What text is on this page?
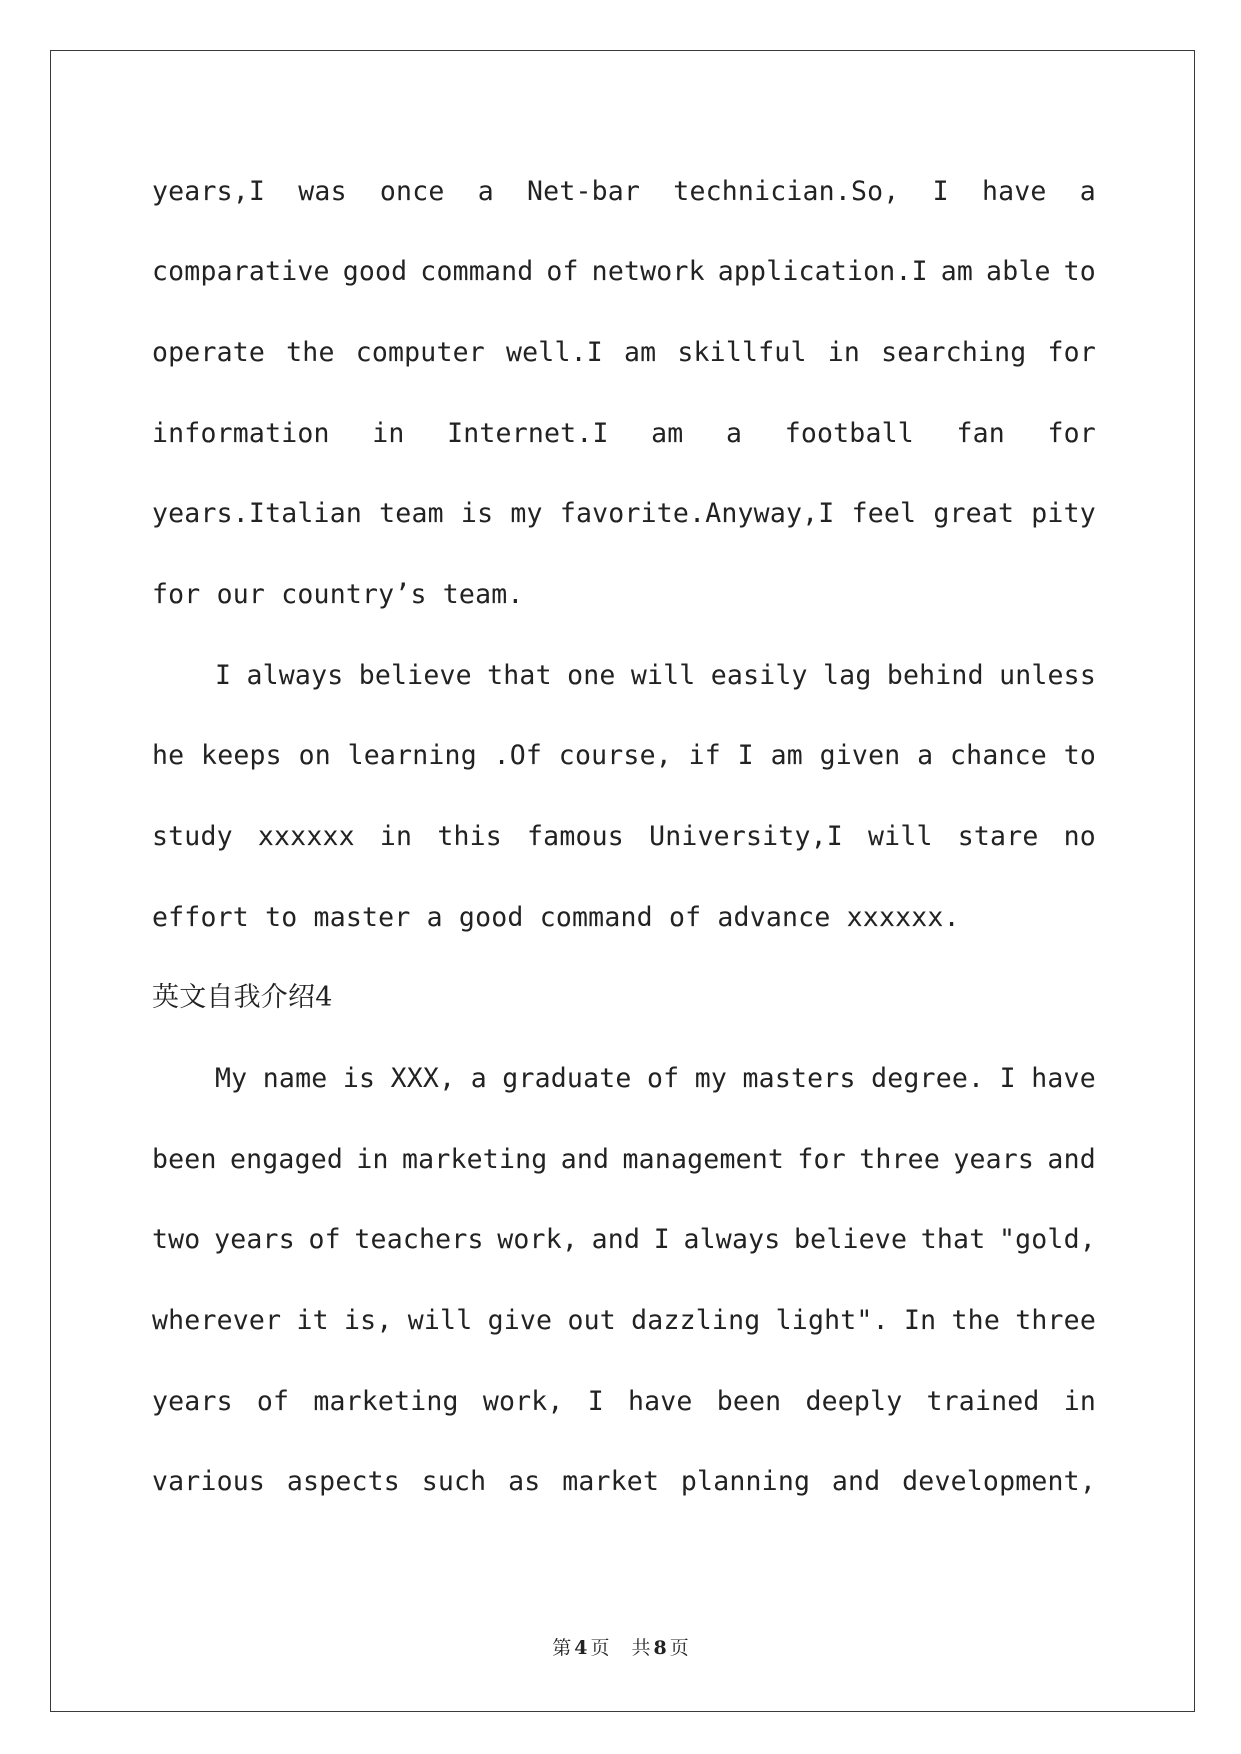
years,I was once a Net-bar technician.So, I have a
comparative good command of network application.I am able to
operate the computer well.I am skillful in searching for
information in Internet.I am a football fan for
years.Italian team is my favorite.Anyway,I feel great pity
for our country’s team.
I always believe that one will easily lag behind unless
he keeps on learning .Of course, if I am given a chance to
study xxxxxx in this famous University,I will stare no
effort to master a good command of advance xxxxxx.
英文自我介绍4
My name is XXX, a graduate of my masters degree. I have
been engaged in marketing and management for three years and
two years of teachers work, and I always believe that "gold,
wherever it is, will give out dazzling light". In the three
years of marketing work, I have been deeply trained in
various aspects such as market planning and development,
第 4 页 共 8 页
